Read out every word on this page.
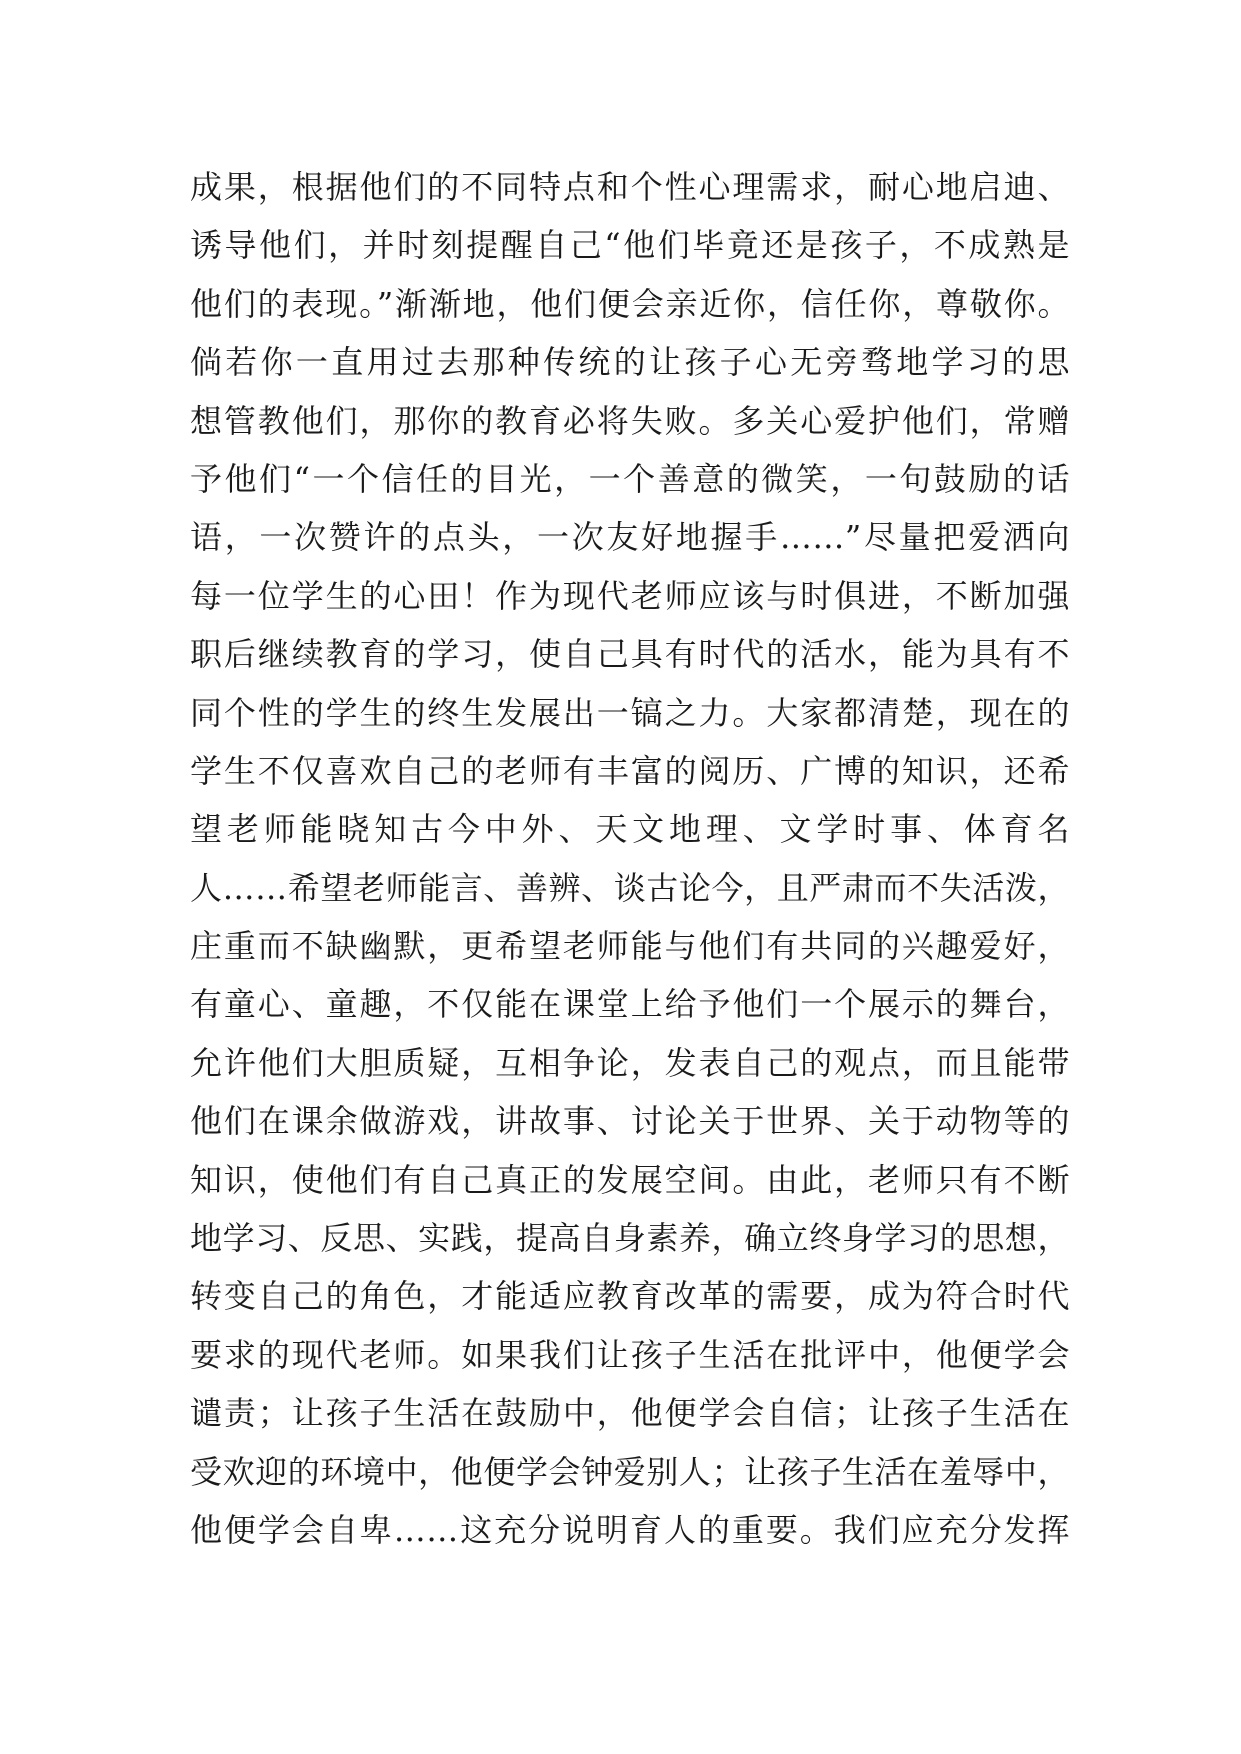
成果，根据他们的不同特点和个性心理需求，耐心地启迪、
诱导他们，并时刻提醒自己“他们毕竟还是孩子，不成熟是
他们的表现。”渐渐地，他们便会亲近你，信任你，尊敬你。
倘若你一直用过去那种传统的让孩子心无旁骛地学习的思
想管教他们，那你的教育必将失败。多关心爱护他们，常赠
予他们“一个信任的目光，一个善意的微笑，一句鼓励的话
语，一次赞许的点头，一次友好地握手……”尽量把爱洒向
每一位学生的心田！作为现代老师应该与时俱进，不断加强
职后继续教育的学习，使自己具有时代的活水，能为具有不
同个性的学生的终生发展出一镐之力。大家都清楚，现在的
学生不仅喜欢自己的老师有丰富的阅历、广博的知识，还希
望老师能晓知古今中外、天文地理、文学时事、体育名
人……希望老师能言、善辨、谈古论今，且严肃而不失活泼，
庄重而不缺幽默，更希望老师能与他们有共同的兴趣爱好，
有童心、童趣，不仅能在课堂上给予他们一个展示的舞台，
允许他们大胆质疑，互相争论，发表自己的观点，而且能带
他们在课余做游戏，讲故事、讨论关于世界、关于动物等的
知识，使他们有自己真正的发展空间。由此，老师只有不断
地学习、反思、实践，提高自身素养，确立终身学习的思想，
转变自己的角色，才能适应教育改革的需要，成为符合时代
要求的现代老师。如果我们让孩子生活在批评中，他便学会
谴责；让孩子生活在鼓励中，他便学会自信；让孩子生活在
受欢迎的环境中，他便学会钟爱别人；让孩子生活在羞辱中，
他便学会自卑……这充分说明育人的重要。我们应充分发挥
